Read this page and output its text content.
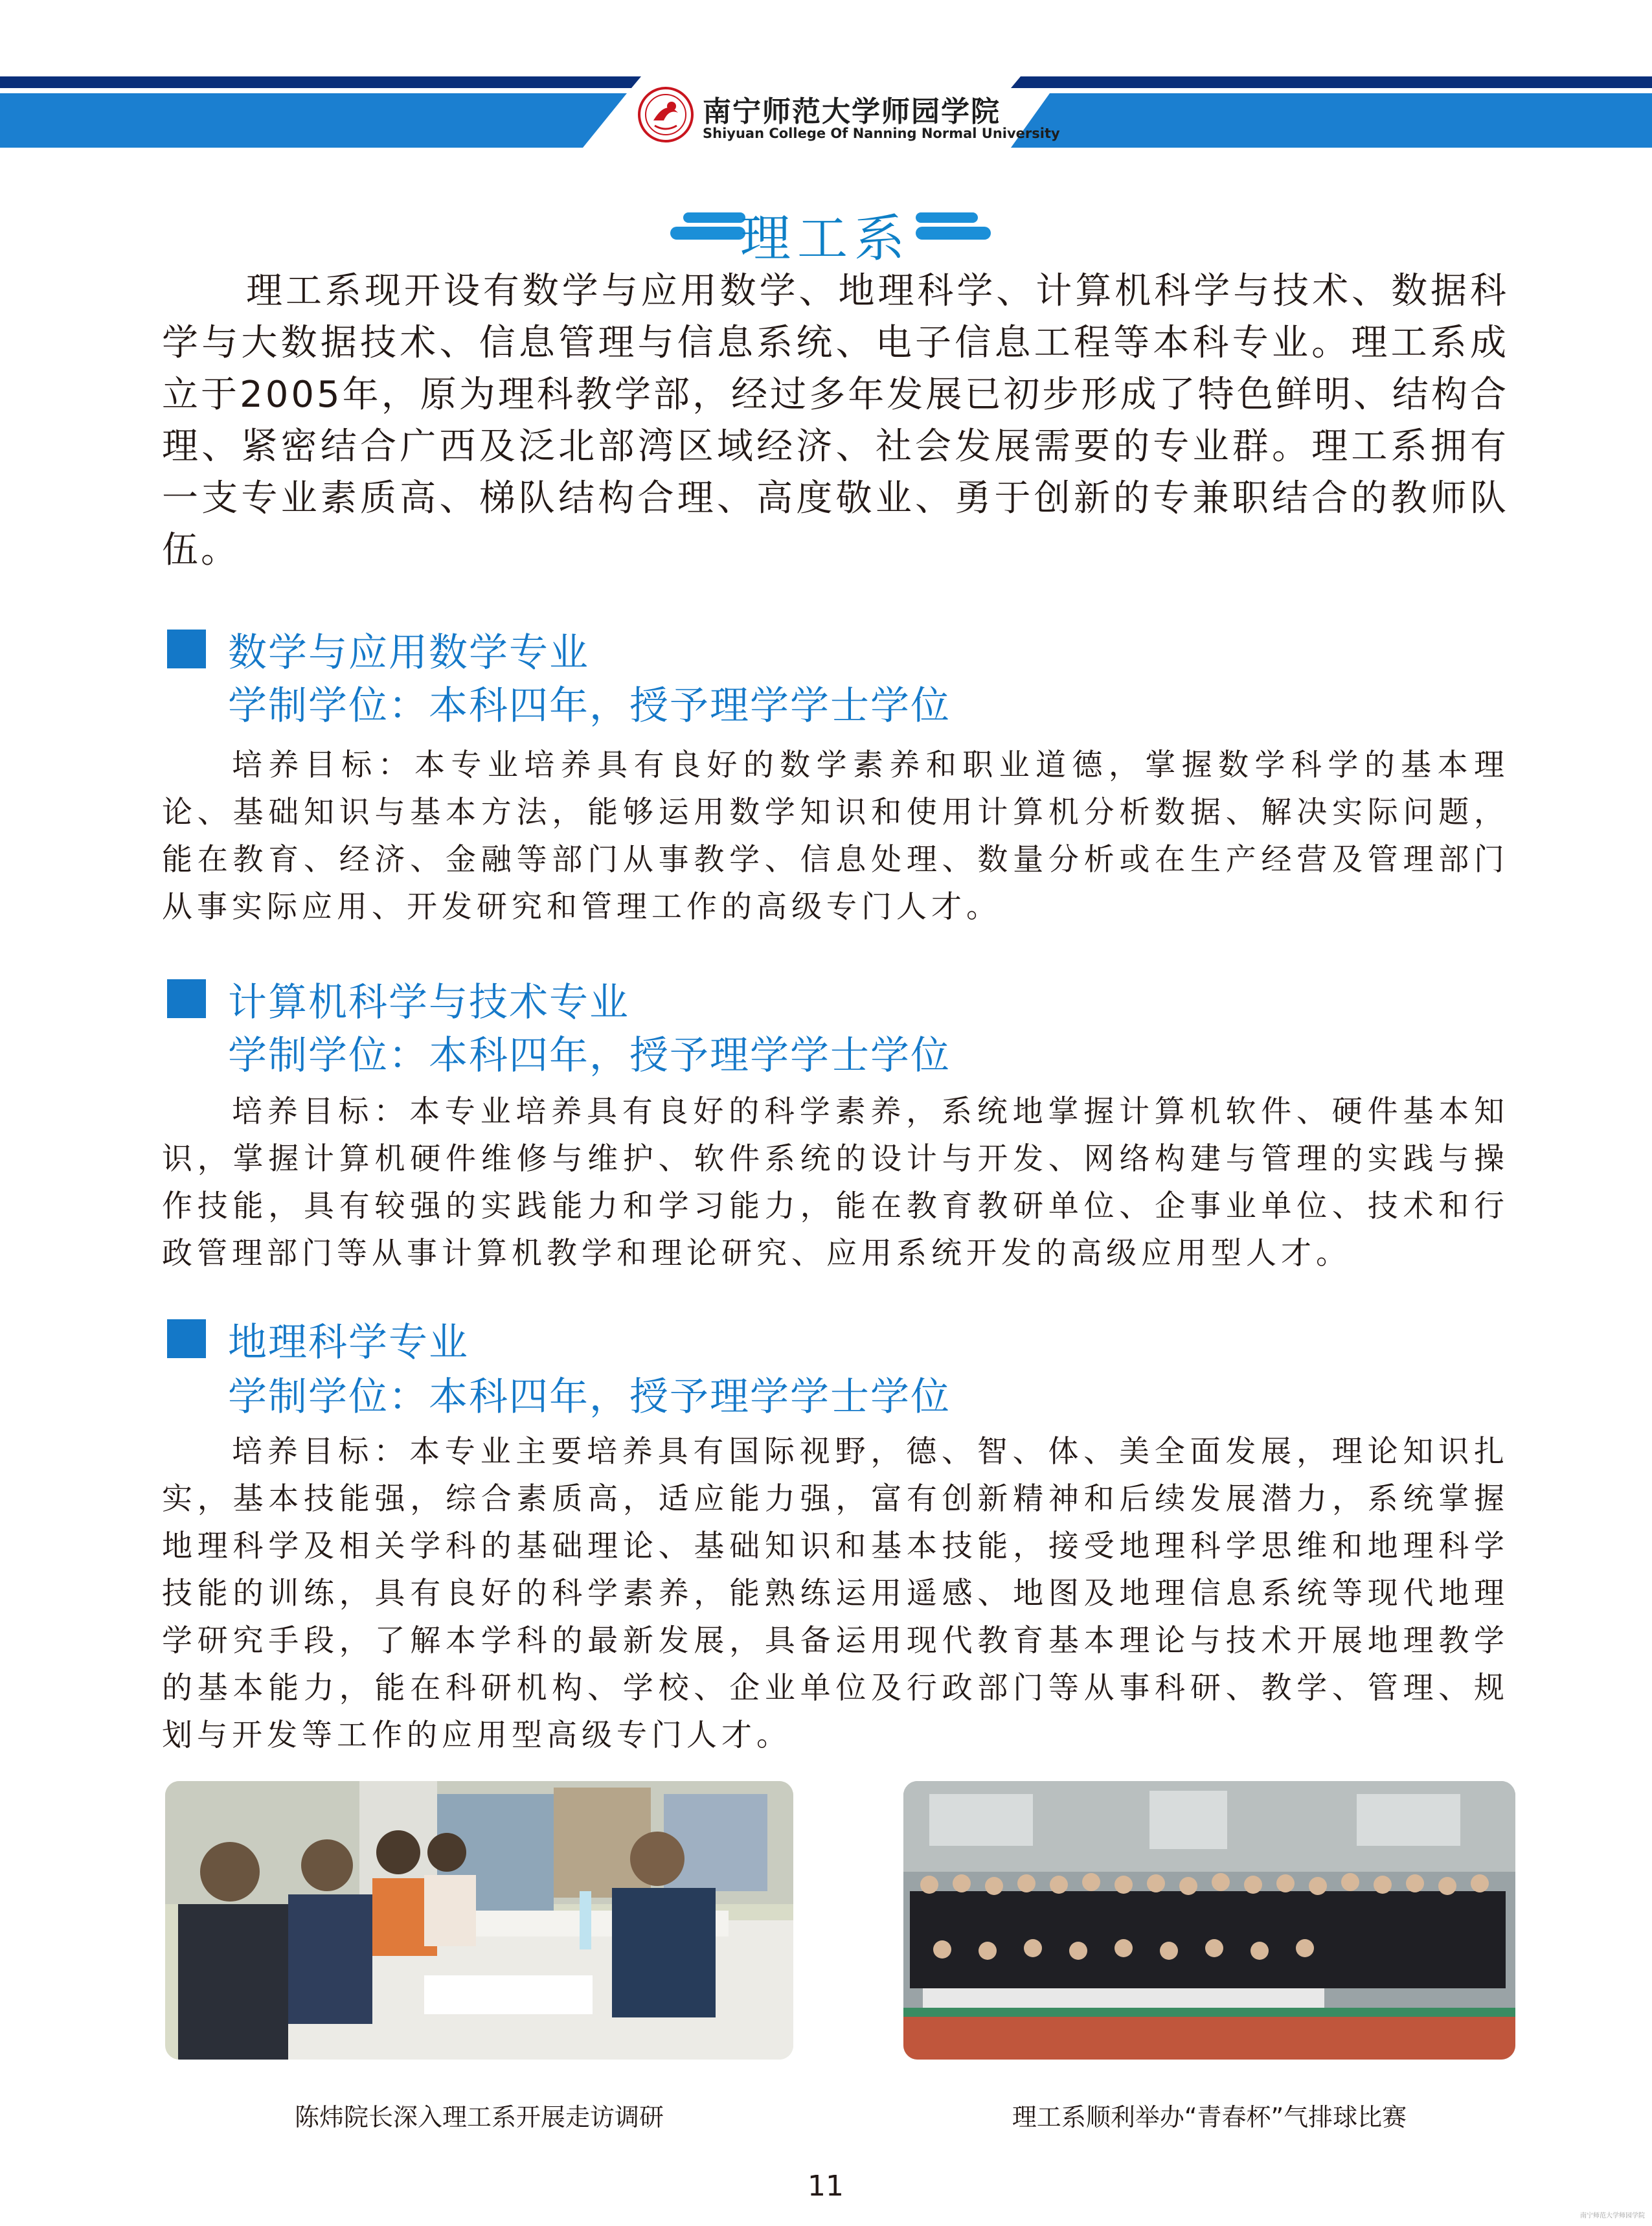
南宁师范大学师园学院
Shiyuan College Of Nanning Normal University
理工系

理工系现开设有数学与应用数学、地理科学、计算机科学与技术、数据科学与大数据技术、信息管理与信息系统、电子信息工程等本科专业。理工系成立于2005年，原为理科教学部，经过多年发展已初步形成了特色鲜明、结构合理、紧密结合广西及泛北部湾区域经济、社会发展需要的专业群。理工系拥有一支专业素质高、梯队结构合理、高度敬业、勇于创新的专兼职结合的教师队伍。

数学与应用数学专业
学制学位：本科四年，授予理学学士学位

培养目标：本专业培养具有良好的数学素养和职业道德，掌握数学科学的基本理论、基础知识与基本方法，能够运用数学知识和使用计算机分析数据、解决实际问题，能在教育、经济、金融等部门从事教学、信息处理、数量分析或在生产经营及管理部门从事实际应用、开发研究和管理工作的高级专门人才。

计算机科学与技术专业
学制学位：本科四年，授予理学学士学位

培养目标：本专业培养具有良好的科学素养，系统地掌握计算机软件、硬件基本知识，掌握计算机硬件维修与维护、软件系统的设计与开发、网络构建与管理的实践与操作技能，具有较强的实践能力和学习能力，能在教育教研单位、企事业单位、技术和行政管理部门等从事计算机教学和理论研究、应用系统开发的高级应用型人才。

地理科学专业
学制学位：本科四年，授予理学学士学位

培养目标：本专业主要培养具有国际视野，德、智、体、美全面发展，理论知识扎实，基本技能强，综合素质高，适应能力强，富有创新精神和后续发展潜力，系统掌握地理科学及相关学科的基础理论、基础知识和基本技能，接受地理科学思维和地理科学技能的训练，具有良好的科学素养，能熟练运用遥感、地图及地理信息系统等现代地理学研究手段，了解本学科的最新发展，具备运用现代教育基本理论与技术开展地理教学的基本能力，能在科研机构、学校、企业单位及行政部门等从事科研、教学、管理、规划与开发等工作的应用型高级专门人才。

陈炜院长深入理工系开展走访调研	理工系顺利举办“青春杯”气排球比赛
11
南宁师范大学师园学院
